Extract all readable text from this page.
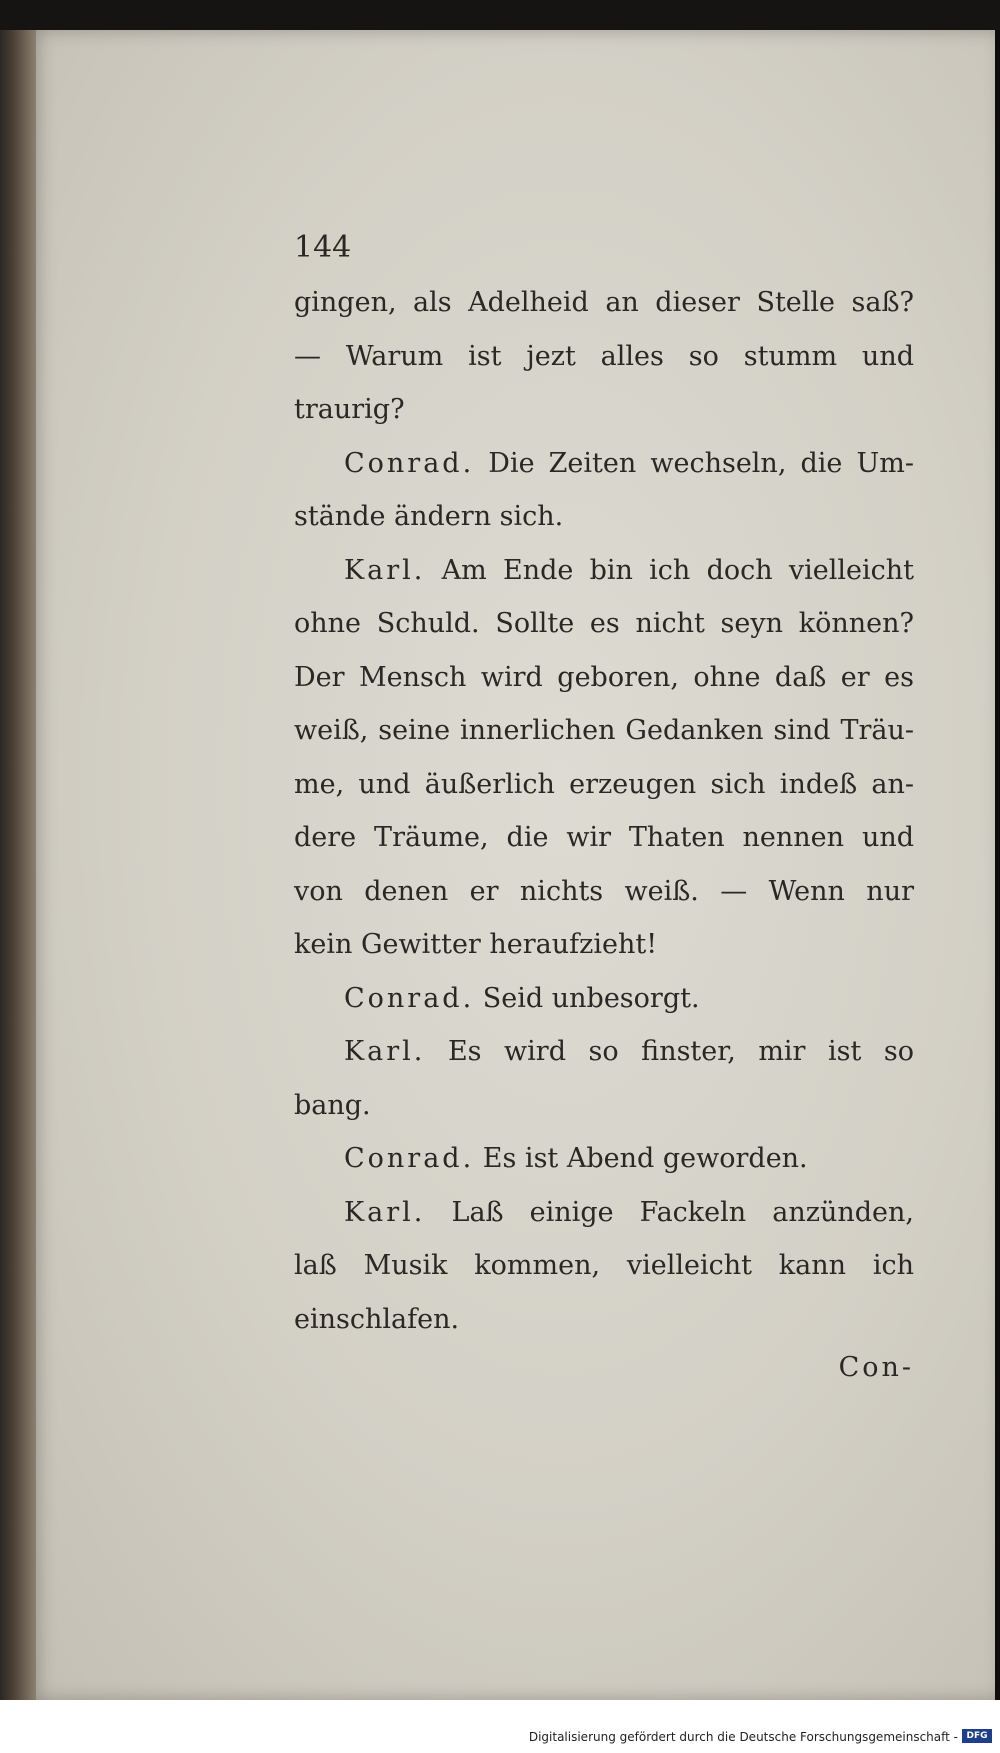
144
gingen, als Adelheid an dieser Stelle saß?
— Warum ist jezt alles so stumm und
traurig?
Conrad. Die Zeiten wechseln, die Um-
stände ändern sich.
Karl. Am Ende bin ich doch vielleicht
ohne Schuld. Sollte es nicht seyn können?
Der Mensch wird geboren, ohne daß er es
weiß, seine innerlichen Gedanken sind Träu-
me, und äußerlich erzeugen sich indeß an-
dere Träume, die wir Thaten nennen und
von denen er nichts weiß. — Wenn nur
kein Gewitter heraufzieht!
Conrad. Seid unbesorgt.
Karl. Es wird so finster, mir ist so
bang.
Conrad. Es ist Abend geworden.
Karl. Laß einige Fackeln anzünden,
laß Musik kommen, vielleicht kann ich
einschlafen.
Con-
Digitalisierung gefördert durch die Deutsche Forschungsgemeinschaft - DFG
